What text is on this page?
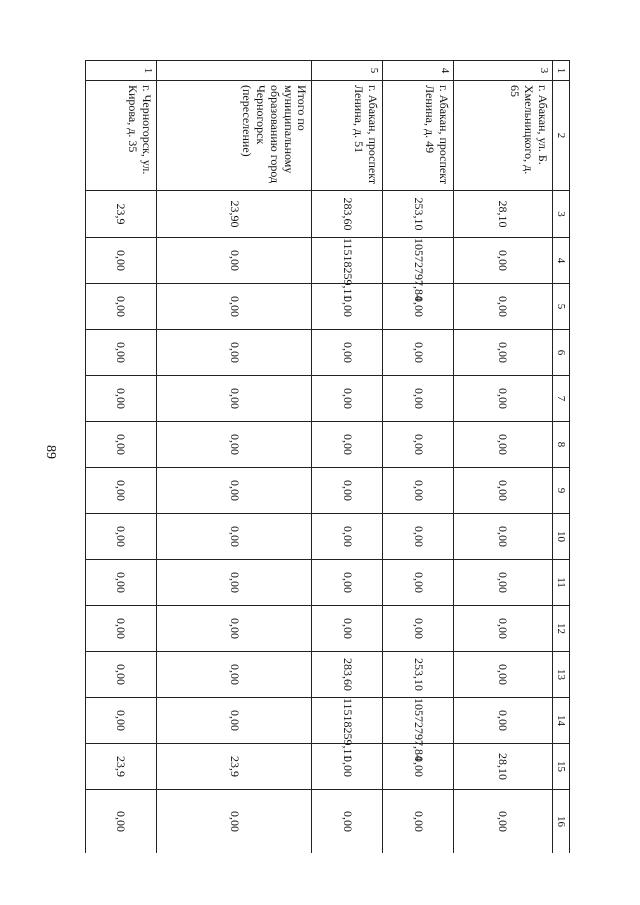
89
1	2	3	4	5	6	7	8	9	10	11	12	13	14	15	16
3	г. Абакан, ул. Б. Хмельницкого, д. 65	28,10	0,00	0,00	0,00	0,00	0,00	0,00	0,00	0,00	0,00	0,00	0,00	28,10	0,00
4	г. Абакан, проспект Ленина, д. 49	253,10	10572797,84	0,00	0,00	0,00	0,00	0,00	0,00	0,00	0,00	253,10	10572797,84	0,00	0,00
5	г. Абакан, проспект Ленина, д. 51	283,60	11518259,11	0,00	0,00	0,00	0,00	0,00	0,00	0,00	0,00	283,60	11518259,11	0,00	0,00
	Итого по муниципальному образованию город Черногорск (переселение)	23,90	0,00	0,00	0,00	0,00	0,00	0,00	0,00	0,00	0,00	0,00	0,00	23,9	0,00
1	г. Черногорск, ул. Кирова, д. 35	23,9	0,00	0,00	0,00	0,00	0,00	0,00	0,00	0,00	0,00	0,00	0,00	23,9	0,00
